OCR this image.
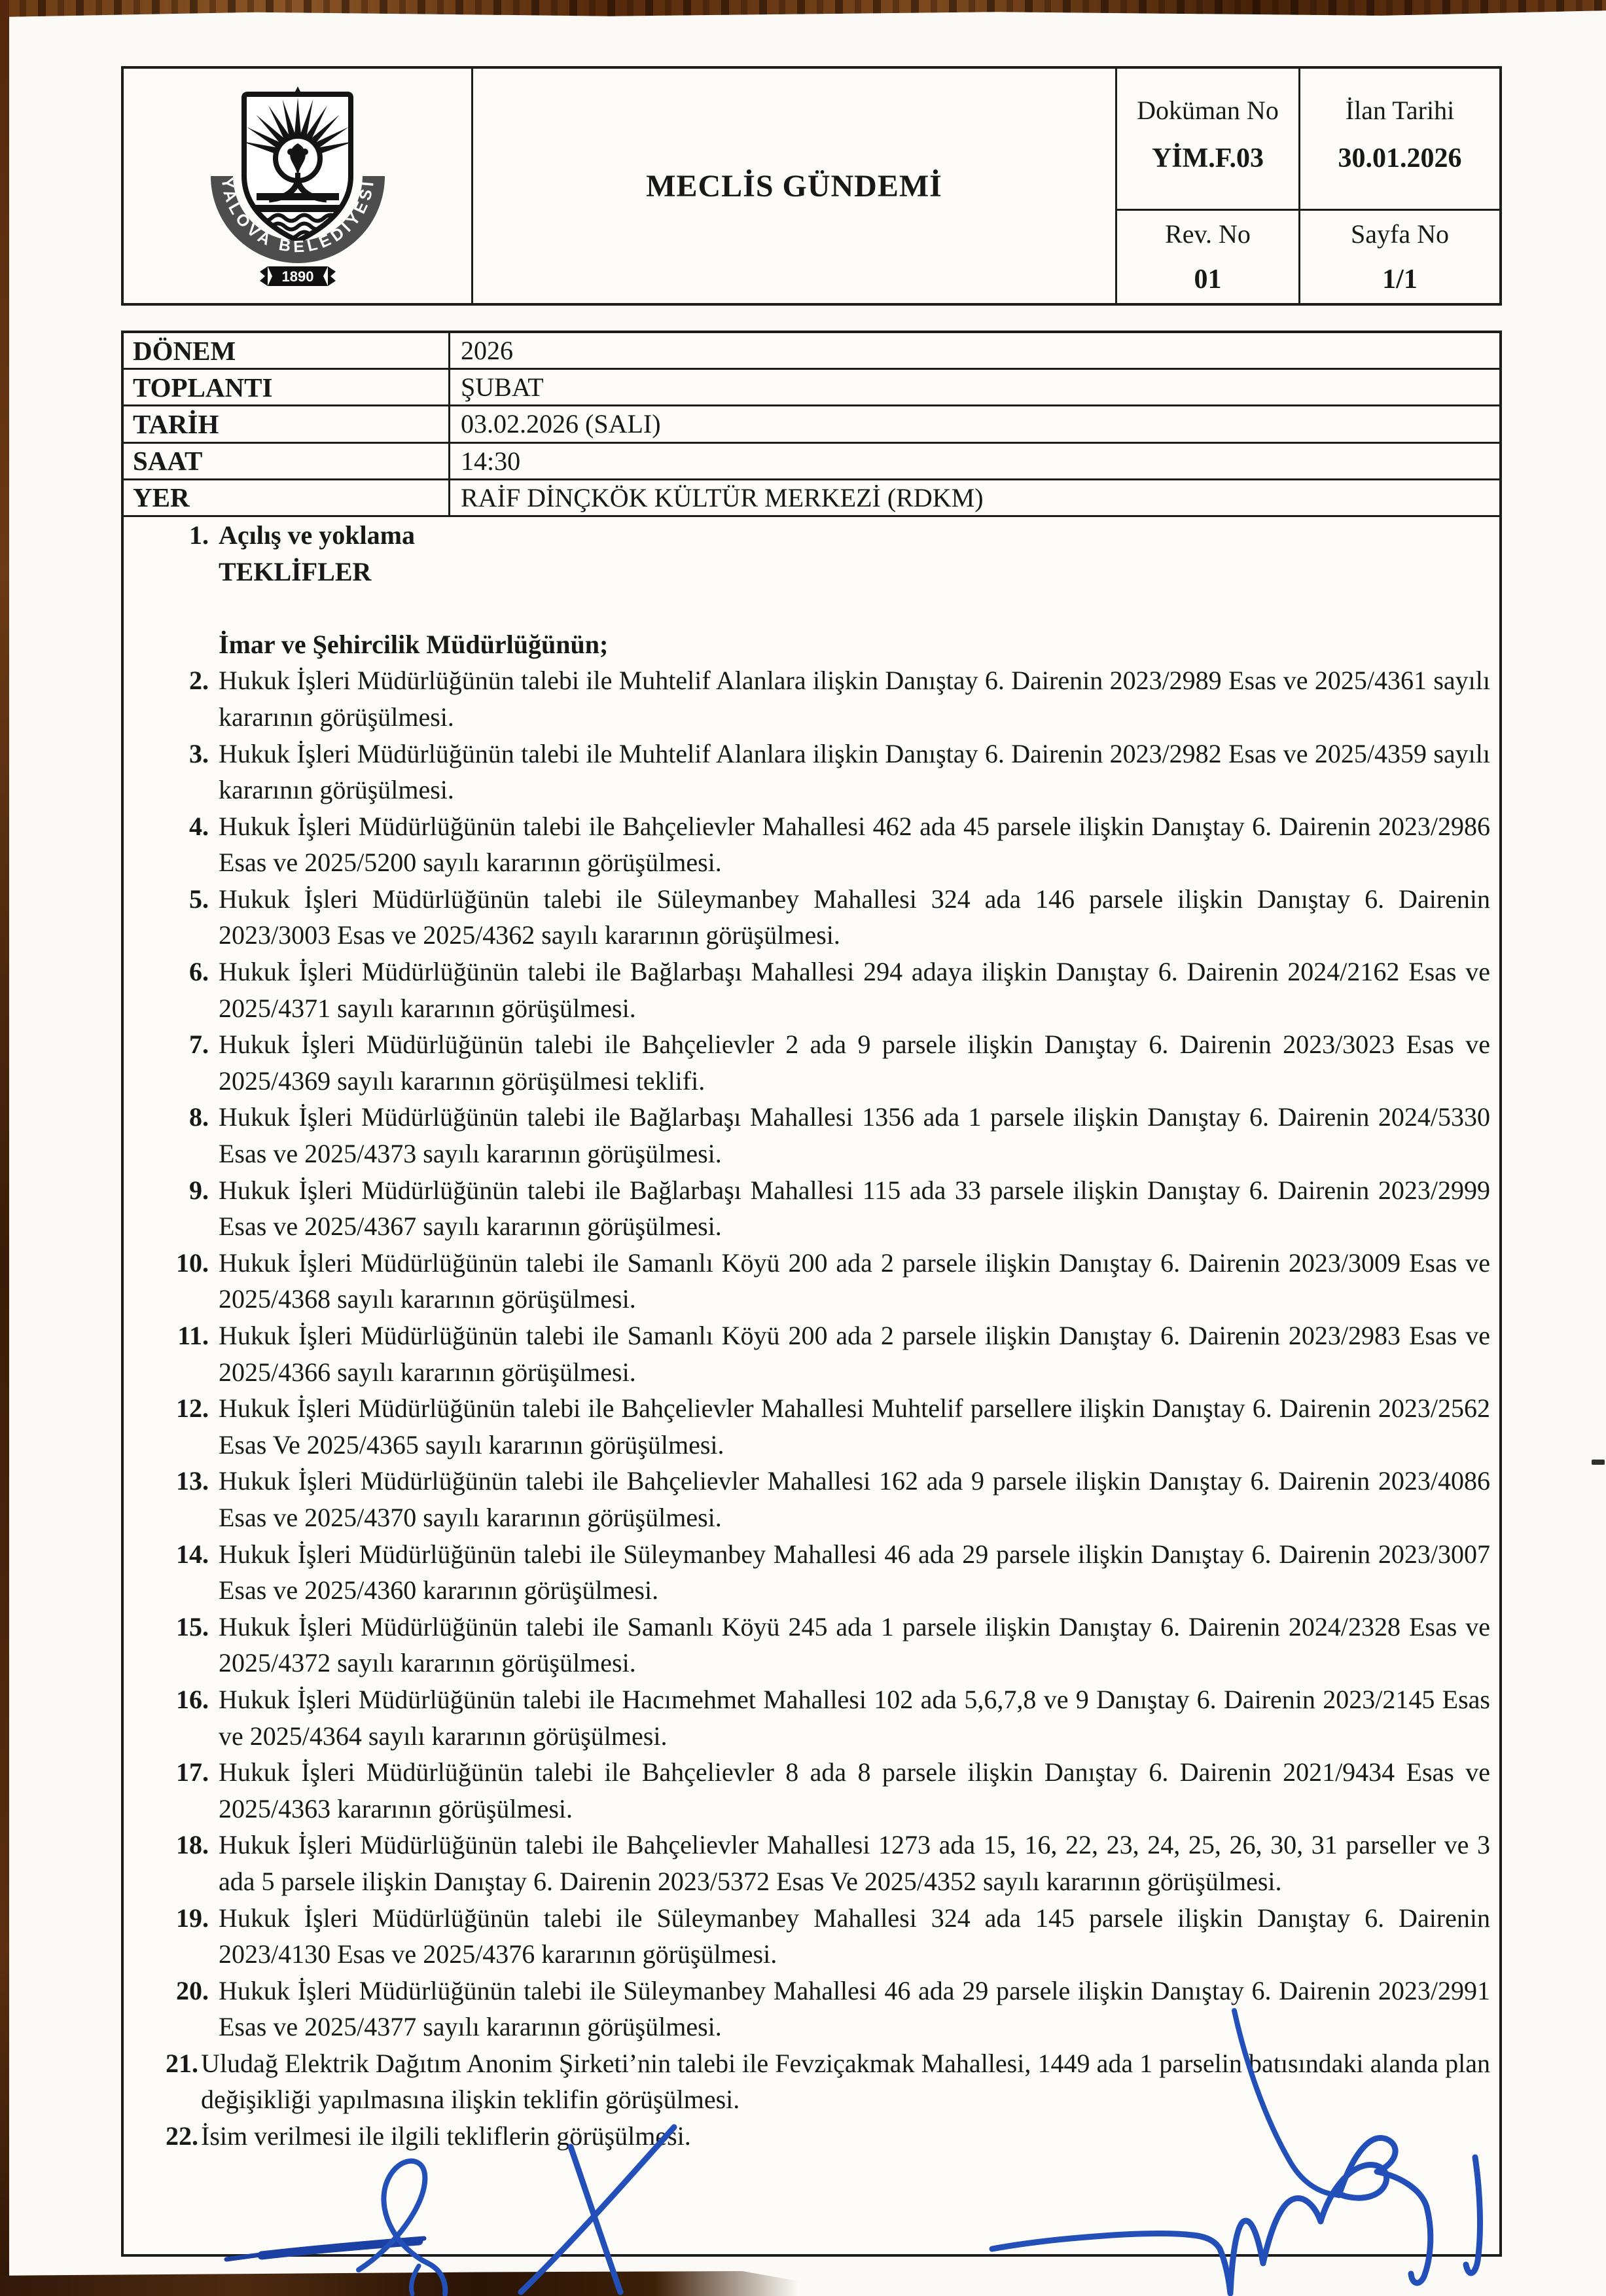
YALOVA BELEDİYESİ
1890
MECLİS GÜNDEMİ
Doküman No
YİM.F.03
İlan Tarihi
30.01.2026
Rev. No
01
Sayfa No
1/1
DÖNEM	2026
TOPLANTI	ŞUBAT
TARİH	03.02.2026 (SALI)
SAAT	14:30
YER	RAİF DİNÇKÖK KÜLTÜR MERKEZİ (RDKM)
1. Açılış ve yoklama
TEKLİFLER
İmar ve Şehircilik Müdürlüğünün;
2. Hukuk İşleri Müdürlüğünün talebi ile Muhtelif Alanlara ilişkin Danıştay 6. Dairenin 2023/2989 Esas ve 2025/4361 sayılı kararının görüşülmesi.
3. Hukuk İşleri Müdürlüğünün talebi ile Muhtelif Alanlara ilişkin Danıştay 6. Dairenin 2023/2982 Esas ve 2025/4359 sayılı kararının görüşülmesi.
4. Hukuk İşleri Müdürlüğünün talebi ile Bahçelievler Mahallesi 462 ada 45 parsele ilişkin Danıştay 6. Dairenin 2023/2986 Esas ve 2025/5200 sayılı kararının görüşülmesi.
5. Hukuk İşleri Müdürlüğünün talebi ile Süleymanbey Mahallesi 324 ada 146 parsele ilişkin Danıştay 6. Dairenin 2023/3003 Esas ve 2025/4362 sayılı kararının görüşülmesi.
6. Hukuk İşleri Müdürlüğünün talebi ile Bağlarbaşı Mahallesi 294 adaya ilişkin Danıştay 6. Dairenin 2024/2162 Esas ve 2025/4371 sayılı kararının görüşülmesi.
7. Hukuk İşleri Müdürlüğünün talebi ile Bahçelievler 2 ada 9 parsele ilişkin Danıştay 6. Dairenin 2023/3023 Esas ve 2025/4369 sayılı kararının görüşülmesi teklifi.
8. Hukuk İşleri Müdürlüğünün talebi ile Bağlarbaşı Mahallesi 1356 ada 1 parsele ilişkin Danıştay 6. Dairenin 2024/5330 Esas ve 2025/4373 sayılı kararının görüşülmesi.
9. Hukuk İşleri Müdürlüğünün talebi ile Bağlarbaşı Mahallesi 115 ada 33 parsele ilişkin Danıştay 6. Dairenin 2023/2999 Esas ve 2025/4367 sayılı kararının görüşülmesi.
10. Hukuk İşleri Müdürlüğünün talebi ile Samanlı Köyü 200 ada 2 parsele ilişkin Danıştay 6. Dairenin 2023/3009 Esas ve 2025/4368 sayılı kararının görüşülmesi.
11. Hukuk İşleri Müdürlüğünün talebi ile Samanlı Köyü 200 ada 2 parsele ilişkin Danıştay 6. Dairenin 2023/2983 Esas ve 2025/4366 sayılı kararının görüşülmesi.
12. Hukuk İşleri Müdürlüğünün talebi ile Bahçelievler Mahallesi Muhtelif parsellere ilişkin Danıştay 6. Dairenin 2023/2562 Esas Ve 2025/4365 sayılı kararının görüşülmesi.
13. Hukuk İşleri Müdürlüğünün talebi ile Bahçelievler Mahallesi 162 ada 9 parsele ilişkin Danıştay 6. Dairenin 2023/4086 Esas ve 2025/4370 sayılı kararının görüşülmesi.
14. Hukuk İşleri Müdürlüğünün talebi ile Süleymanbey Mahallesi 46 ada 29 parsele ilişkin Danıştay 6. Dairenin 2023/3007 Esas ve 2025/4360 kararının görüşülmesi.
15. Hukuk İşleri Müdürlüğünün talebi ile Samanlı Köyü 245 ada 1 parsele ilişkin Danıştay 6. Dairenin 2024/2328 Esas ve 2025/4372 sayılı kararının görüşülmesi.
16. Hukuk İşleri Müdürlüğünün talebi ile Hacımehmet Mahallesi 102 ada 5,6,7,8 ve 9 Danıştay 6. Dairenin 2023/2145 Esas ve 2025/4364 sayılı kararının görüşülmesi.
17. Hukuk İşleri Müdürlüğünün talebi ile Bahçelievler 8 ada 8 parsele ilişkin Danıştay 6. Dairenin 2021/9434 Esas ve 2025/4363 kararının görüşülmesi.
18. Hukuk İşleri Müdürlüğünün talebi ile Bahçelievler Mahallesi 1273 ada 15, 16, 22, 23, 24, 25, 26, 30, 31 parseller ve 3 ada 5 parsele ilişkin Danıştay 6. Dairenin 2023/5372 Esas Ve 2025/4352 sayılı kararının görüşülmesi.
19. Hukuk İşleri Müdürlüğünün talebi ile Süleymanbey Mahallesi 324 ada 145 parsele ilişkin Danıştay 6. Dairenin 2023/4130 Esas ve 2025/4376 kararının görüşülmesi.
20. Hukuk İşleri Müdürlüğünün talebi ile Süleymanbey Mahallesi 46 ada 29 parsele ilişkin Danıştay 6. Dairenin 2023/2991 Esas ve 2025/4377 sayılı kararının görüşülmesi.
21. Uludağ Elektrik Dağıtım Anonim Şirketi’nin talebi ile Fevziçakmak Mahallesi, 1449 ada 1 parselin batısındaki alanda plan değişikliği yapılmasına ilişkin teklifin görüşülmesi.
22. İsim verilmesi ile ilgili tekliflerin görüşülmesi.
